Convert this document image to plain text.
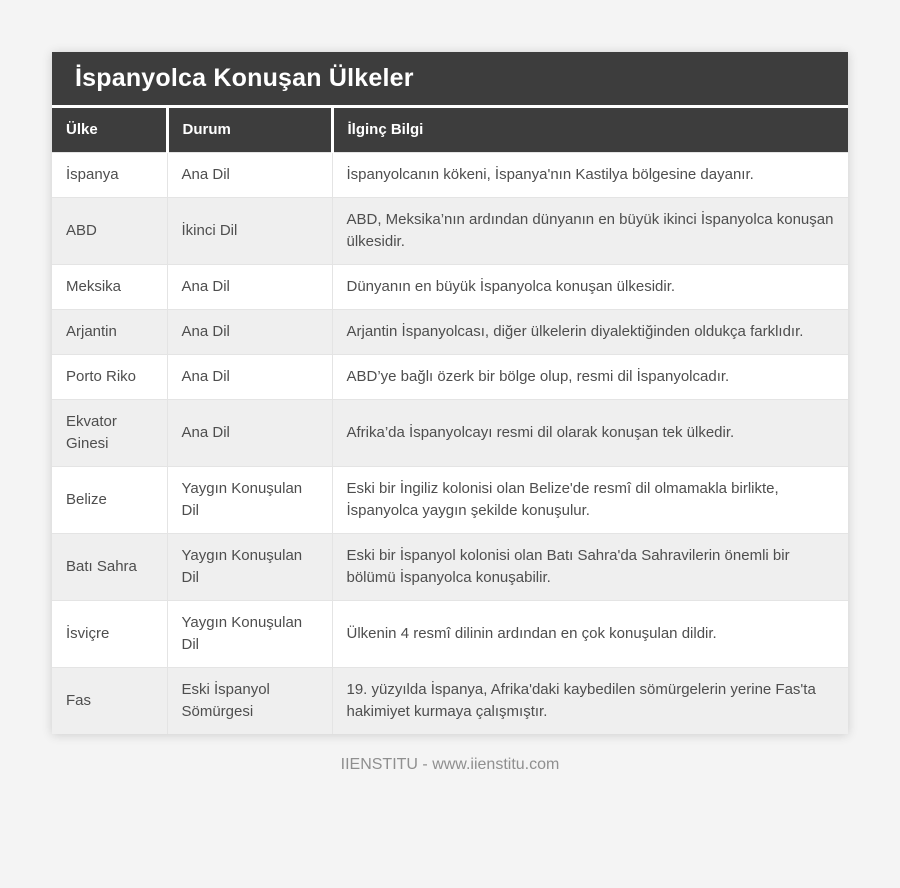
İspanyolca Konuşan Ülkeler
Ülke	Durum	İlginç Bilgi
İspanya	Ana Dil	İspanyolcanın kökeni, İspanya'nın Kastilya bölgesine dayanır.
ABD	İkinci Dil	ABD, Meksika’nın ardından dünyanın en büyük ikinci İspanyolca konuşan ülkesidir.
Meksika	Ana Dil	Dünyanın en büyük İspanyolca konuşan ülkesidir.
Arjantin	Ana Dil	Arjantin İspanyolcası, diğer ülkelerin diyalektiğinden oldukça farklıdır.
Porto Riko	Ana Dil	ABD’ye bağlı özerk bir bölge olup, resmi dil İspanyolcadır.
Ekvator Ginesi	Ana Dil	Afrika’da İspanyolcayı resmi dil olarak konuşan tek ülkedir.
Belize	Yaygın Konuşulan Dil	Eski bir İngiliz kolonisi olan Belize'de resmî dil olmamakla birlikte, İspanyolca yaygın şekilde konuşulur.
Batı Sahra	Yaygın Konuşulan Dil	Eski bir İspanyol kolonisi olan Batı Sahra'da Sahravilerin önemli bir bölümü İspanyolca konuşabilir.
İsviçre	Yaygın Konuşulan Dil	Ülkenin 4 resmî dilinin ardından en çok konuşulan dildir.
Fas	Eski İspanyol Sömürgesi	19. yüzyılda İspanya, Afrika'daki kaybedilen sömürgelerin yerine Fas'ta hakimiyet kurmaya çalışmıştır.
IIENSTITU - www.iienstitu.com
